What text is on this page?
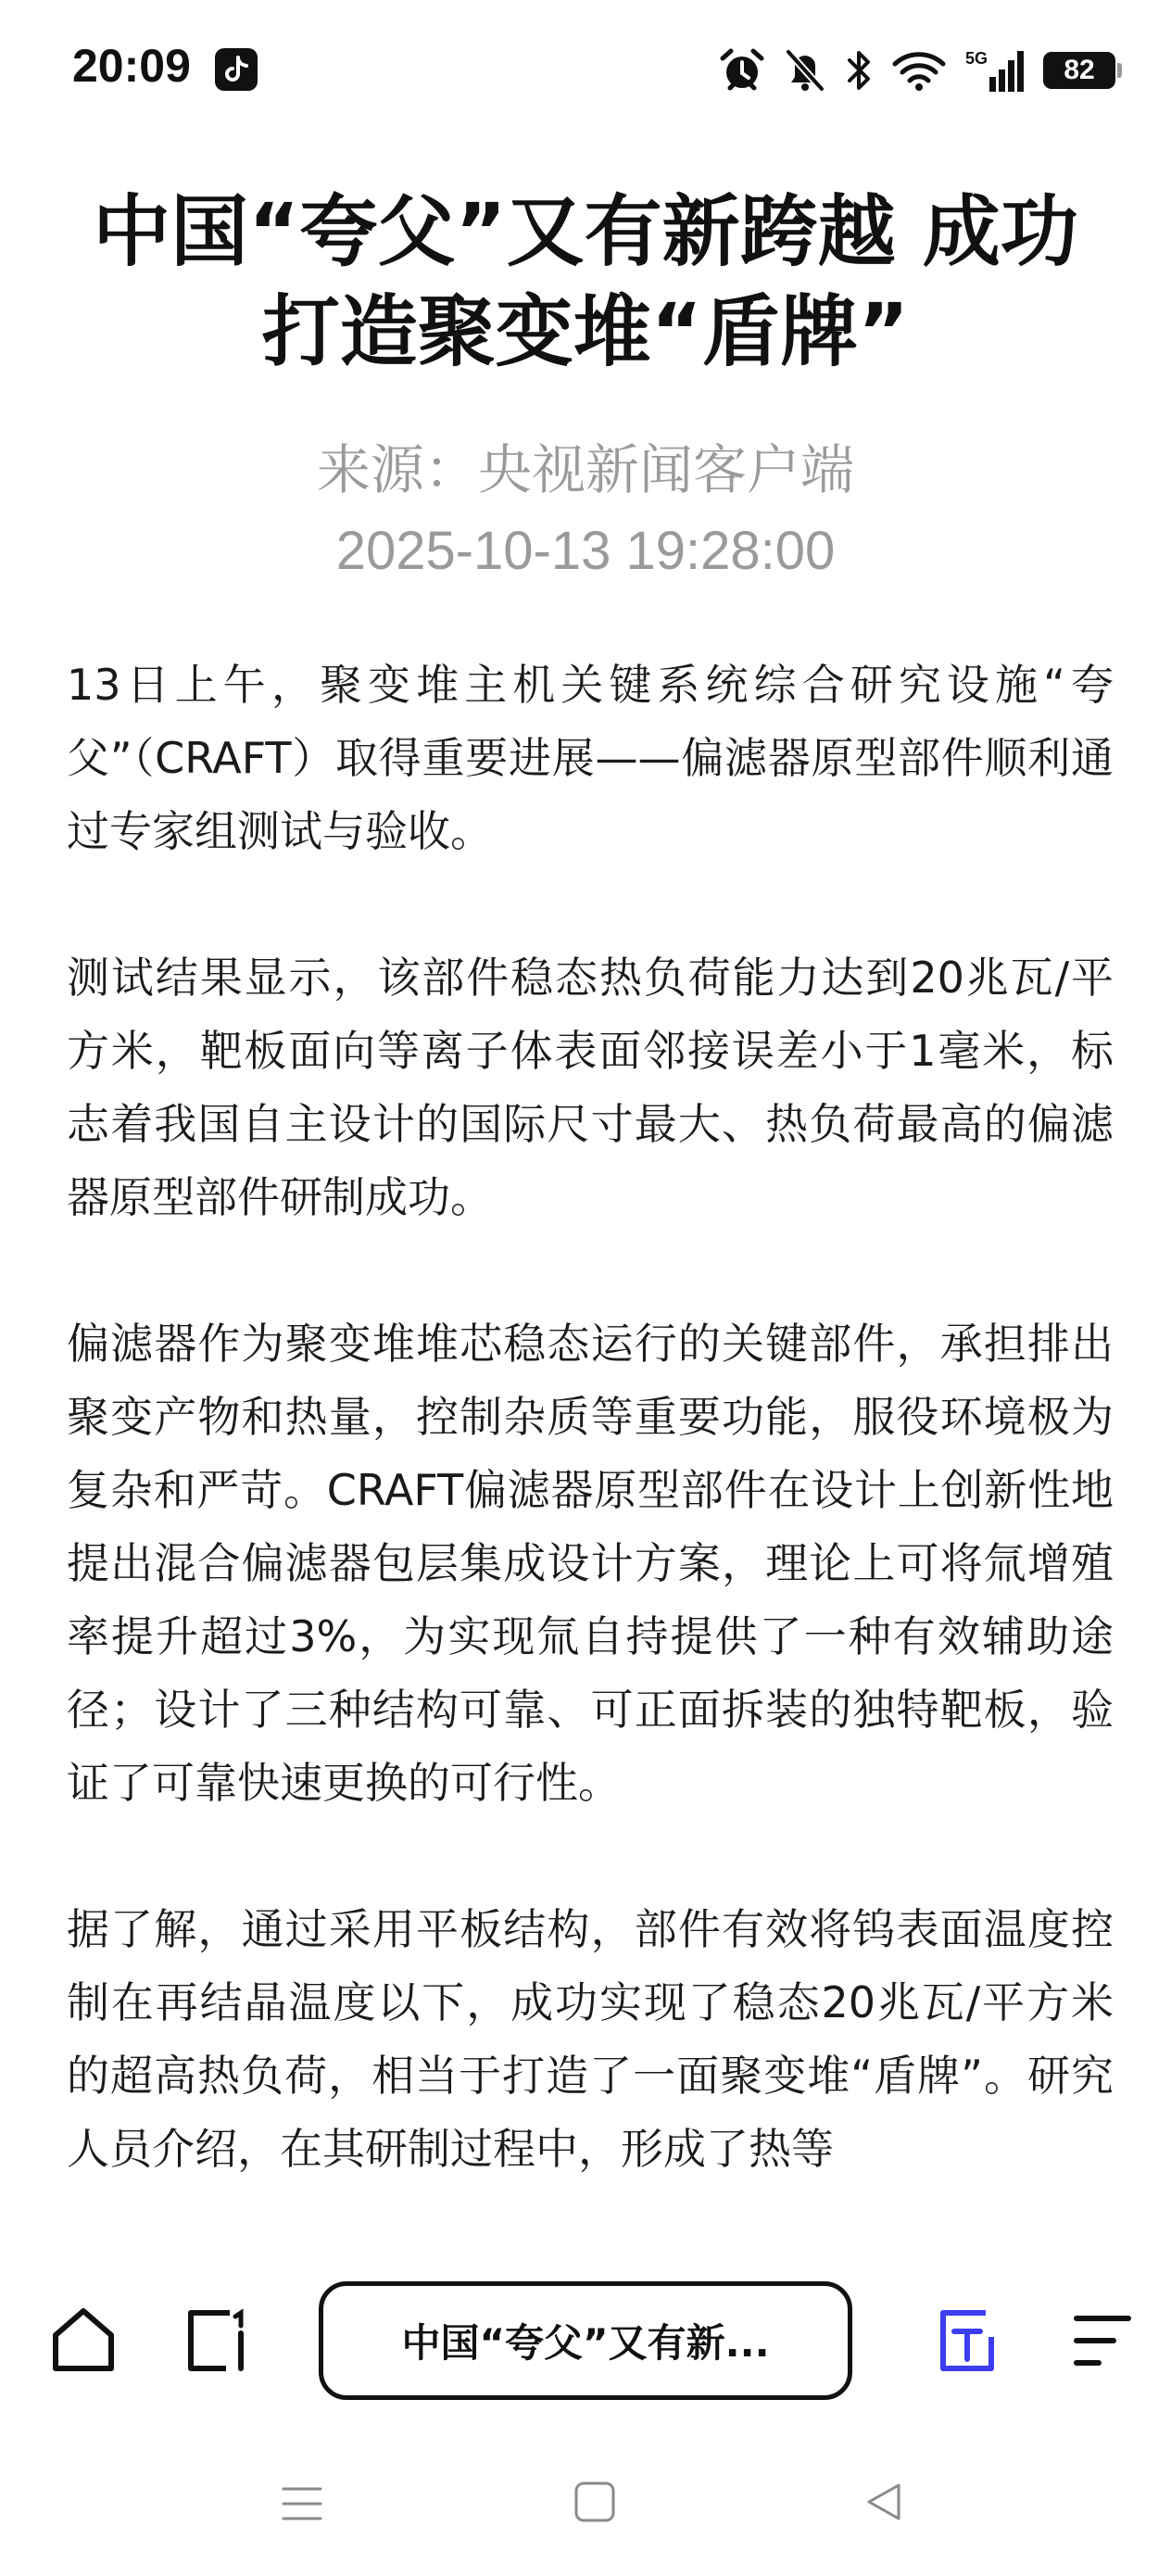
20:09	5G	82
中国“夸父”又有新跨越 成功打造聚变堆“盾牌”
来源：央视新闻客户端
2025-10-13 19:28:00

13日上午，聚变堆主机关键系统综合研究设施“夸父”（CRAFT）取得重要进展——偏滤器原型部件顺利通过专家组测试与验收。

测试结果显示，该部件稳态热负荷能力达到20兆瓦/平方米，靶板面向等离子体表面邻接误差小于1毫米，标志着我国自主设计的国际尺寸最大、热负荷最高的偏滤器原型部件研制成功。

偏滤器作为聚变堆堆芯稳态运行的关键部件，承担排出聚变产物和热量，控制杂质等重要功能，服役环境极为复杂和严苛。CRAFT偏滤器原型部件在设计上创新性地提出混合偏滤器包层集成设计方案，理论上可将氚增殖率提升超过3%，为实现氚自持提供了一种有效辅助途径；设计了三种结构可靠、可正面拆装的独特靶板，验证了可靠快速更换的可行性。

据了解，通过采用平板结构，部件有效将钨表面温度控制在再结晶温度以下，成功实现了稳态20兆瓦/平方米的超高热负荷，相当于打造了一面聚变堆“盾牌”。研究人员介绍，在其研制过程中，形成了热等

中国“夸父”又有新...
